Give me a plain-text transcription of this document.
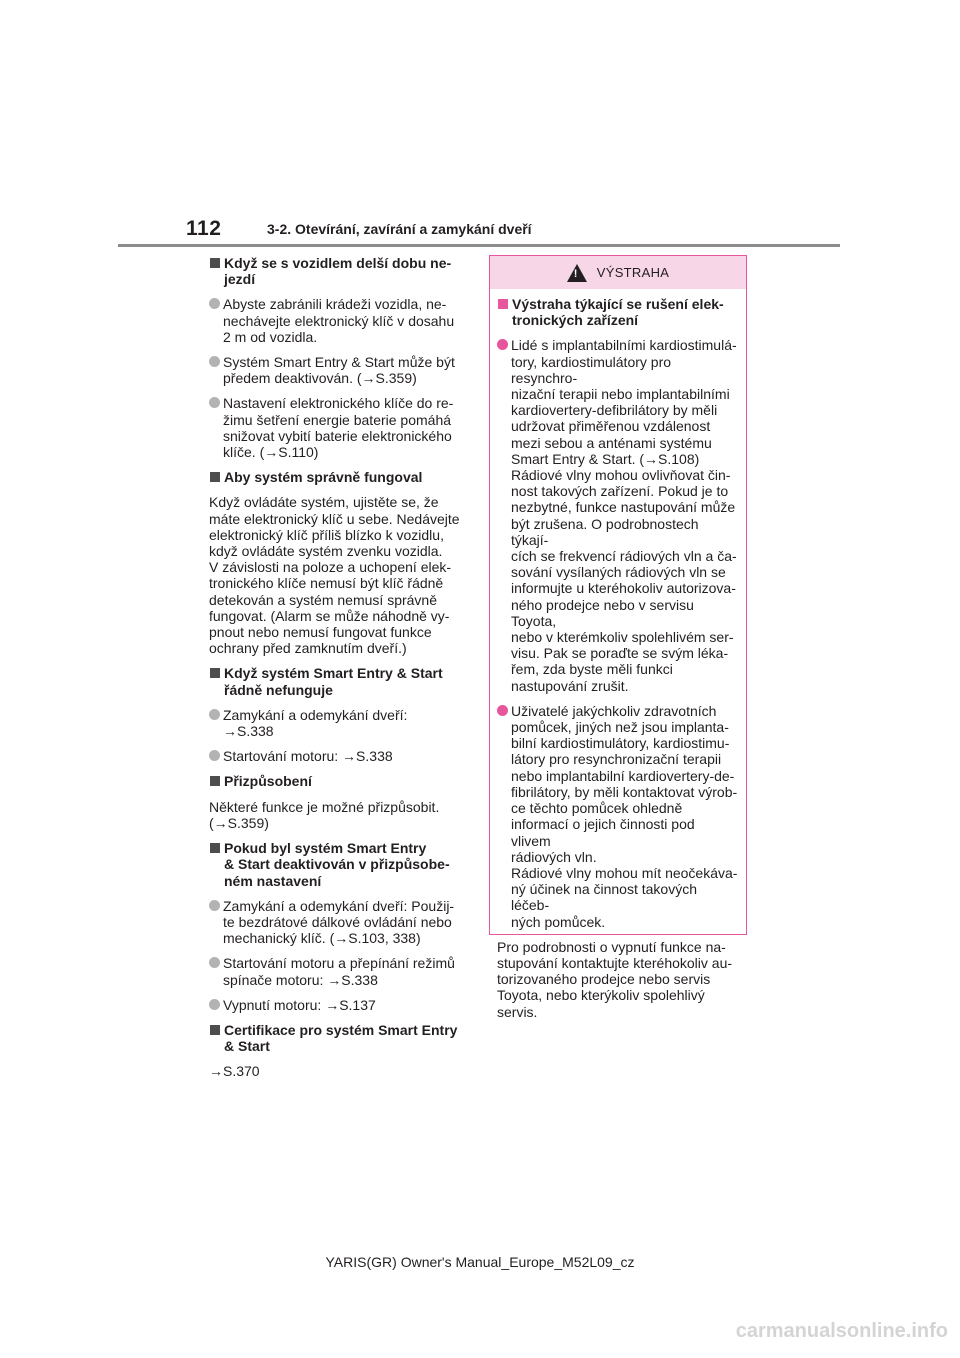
112	3-2. Otevírání, zavírání a zamykání dveří
Když se s vozidlem delší dobu ne-
jezdí
Abyste zabránili krádeži vozidla, ne-
nechávejte elektronický klíč v dosahu
2 m od vozidla.
Systém Smart Entry & Start může být
předem deaktivován. (→S.359)
Nastavení elektronického klíče do re-
žimu šetření energie baterie pomáhá
snižovat vybití baterie elektronického
klíče. (→S.110)
Aby systém správně fungoval
Když ovládáte systém, ujistěte se, že
máte elektronický klíč u sebe. Nedávejte
elektronický klíč příliš blízko k vozidlu,
když ovládáte systém zvenku vozidla.
V závislosti na poloze a uchopení elek-
tronického klíče nemusí být klíč řádně
detekován a systém nemusí správně
fungovat. (Alarm se může náhodně vy-
pnout nebo nemusí fungovat funkce
ochrany před zamknutím dveří.)
Když systém Smart Entry & Start
řádně nefunguje
Zamykání a odemykání dveří:
→S.338
Startování motoru: →S.338
Přizpůsobení
Některé funkce je možné přizpůsobit.
(→S.359)
Pokud byl systém Smart Entry
& Start deaktivován v přizpůsobe-
ném nastavení
Zamykání a odemykání dveří: Použij-
te bezdrátové dálkové ovládání nebo
mechanický klíč. (→S.103, 338)
Startování motoru a přepínání režimů
spínače motoru: →S.338
Vypnutí motoru: →S.137
Certifikace pro systém Smart Entry
& Start
→S.370
!
VÝSTRAHA
Výstraha týkající se rušení elek-
tronických zařízení
Lidé s implantabilními kardiostimulá-
tory, kardiostimulátory pro resynchro-
nizační terapii nebo implantabilními
kardiovertery-defibrilátory by měli
udržovat přiměřenou vzdálenost
mezi sebou a anténami systému
Smart Entry & Start. (→S.108)
Rádiové vlny mohou ovlivňovat čin-
nost takových zařízení. Pokud je to
nezbytné, funkce nastupování může
být zrušena. O podrobnostech týkají-
cích se frekvencí rádiových vln a ča-
sování vysílaných rádiových vln se
informujte u kteréhokoliv autorizova-
ného prodejce nebo v servisu Toyota,
nebo v kterémkoliv spolehlivém ser-
visu. Pak se poraďte se svým léka-
řem, zda byste měli funkci
nastupování zrušit.
Uživatelé jakýchkoliv zdravotních
pomůcek, jiných než jsou implanta-
bilní kardiostimulátory, kardiostimu-
látory pro resynchronizační terapii
nebo implantabilní kardiovertery-de-
fibrilátory, by měli kontaktovat výrob-
ce těchto pomůcek ohledně
informací o jejich činnosti pod vlivem
rádiových vln.
Rádiové vlny mohou mít neočekáva-
ný účinek na činnost takových léčeb-
ných pomůcek.
Pro podrobnosti o vypnutí funkce na-
stupování kontaktujte kteréhokoliv au-
torizovaného prodejce nebo servis
Toyota, nebo kterýkoliv spolehlivý
servis.
YARIS(GR) Owner's Manual_Europe_M52L09_cz
carmanualsonline.info
